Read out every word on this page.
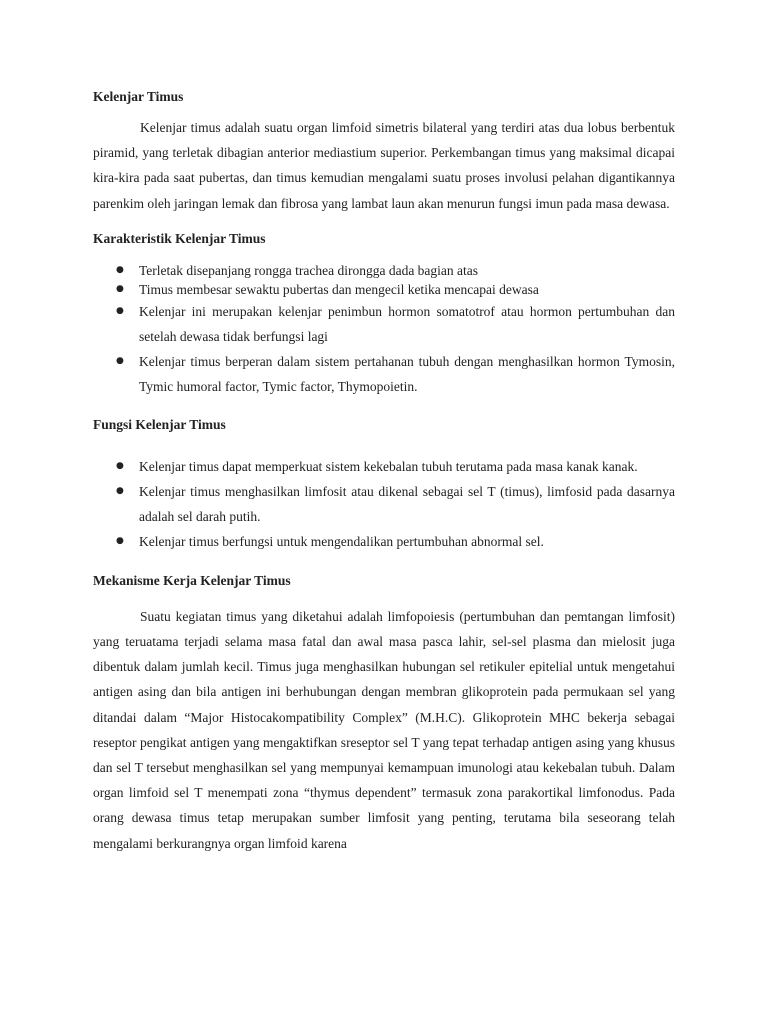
Kelenjar Timus

Kelenjar timus adalah suatu organ limfoid simetris bilateral yang terdiri atas dua lobus berbentuk piramid, yang terletak dibagian anterior mediastium superior. Perkembangan timus yang maksimal dicapai kira-kira pada saat pubertas, dan timus kemudian mengalami suatu proses involusi pelahan digantikannya parenkim oleh jaringan lemak dan fibrosa yang lambat laun akan menurun fungsi imun pada masa dewasa.

Karakteristik Kelenjar Timus
● Terletak disepanjang rongga trachea dirongga dada bagian atas
● Timus membesar sewaktu pubertas dan mengecil ketika mencapai dewasa
● Kelenjar ini merupakan kelenjar penimbun hormon somatotrof atau hormon pertumbuhan dan setelah dewasa tidak berfungsi lagi
● Kelenjar timus berperan dalam sistem pertahanan tubuh dengan menghasilkan hormon Tymosin, Tymic humoral factor, Tymic factor, Thymopoietin.
Fungsi Kelenjar Timus
● Kelenjar timus dapat memperkuat sistem kekebalan tubuh terutama pada masa kanak kanak.
● Kelenjar timus menghasilkan limfosit atau dikenal sebagai sel T (timus), limfosid pada dasarnya adalah sel darah putih.
● Kelenjar timus berfungsi untuk mengendalikan pertumbuhan abnormal sel.
Mekanisme Kerja Kelenjar Timus

Suatu kegiatan timus yang diketahui adalah limfopoiesis (pertumbuhan dan pemtangan limfosit) yang teruatama terjadi selama masa fatal dan awal masa pasca lahir, sel-sel plasma dan mielosit juga dibentuk dalam jumlah kecil. Timus juga menghasilkan hubungan sel retikuler epitelial untuk mengetahui antigen asing dan bila antigen ini berhubungan dengan membran glikoprotein pada permukaan sel yang ditandai dalam “Major Histocakompatibility Complex” (M.H.C). Glikoprotein MHC bekerja sebagai reseptor pengikat antigen yang mengaktifkan sreseptor sel T yang tepat terhadap antigen asing yang khusus dan sel T tersebut menghasilkan sel yang mempunyai kemampuan imunologi atau kekebalan tubuh. Dalam organ limfoid sel T menempati zona “thymus dependent” termasuk zona parakortikal limfonodus. Pada orang dewasa timus tetap merupakan sumber limfosit yang penting, terutama bila seseorang telah mengalami berkurangnya organ limfoid karena
